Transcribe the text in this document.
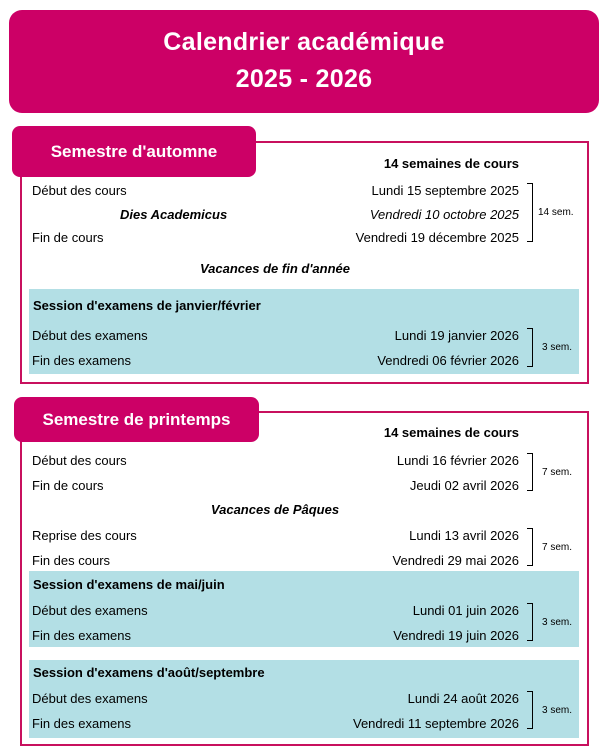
Calendrier académique
2025 - 2026
Semestre d'automne
14 semaines de cours
Début des cours	Lundi 15 septembre 2025
Dies Academicus	Vendredi 10 octobre 2025
Fin de cours	Vendredi 19 décembre 2025
14 sem.
Vacances de fin d'année
Session d'examens de janvier/février
Début des examens	Lundi 19 janvier 2026
Fin des examens	Vendredi 06 février 2026
3 sem.
Semestre de printemps
14 semaines de cours
Début des cours	Lundi 16 février 2026
Fin de cours	Jeudi 02 avril 2026
7 sem.
Vacances de Pâques
Reprise des cours	Lundi 13 avril 2026
Fin des cours	Vendredi 29 mai 2026
7 sem.
Session d'examens de mai/juin
Début des examens	Lundi 01 juin 2026
Fin des examens	Vendredi 19 juin 2026
3 sem.
Session d'examens d'août/septembre
Début des examens	Lundi 24 août 2026
Fin des examens	Vendredi 11 septembre 2026
3 sem.
